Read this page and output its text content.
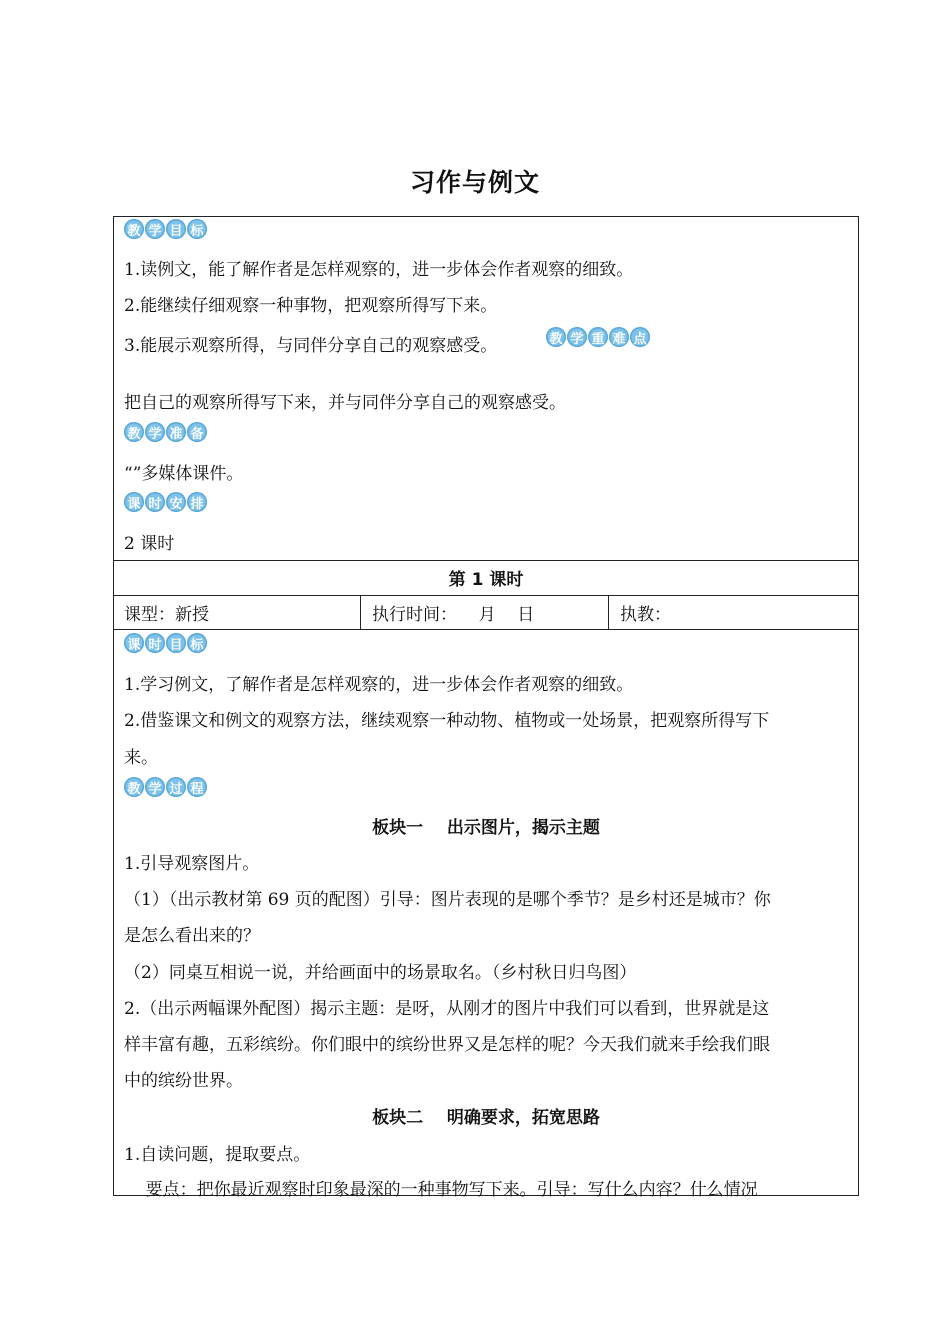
习作与例文
教 学 目 标
1.读例文，能了解作者是怎样观察的，进一步体会作者观察的细致。
2.能继续仔细观察一种事物，把观察所得写下来。
3.能展示观察所得，与同伴分享自己的观察感受。	教 学 重 难 点
把自己的观察所得写下来，并与同伴分享自己的观察感受。
教 学 准 备
“”多媒体课件。
课 时 安 排
2 课时
第 1 课时
课型：新授	执行时间：    月    日	执教：
课 时 目 标
1.学习例文，了解作者是怎样观察的，进一步体会作者观察的细致。
2.借鉴课文和例文的观察方法，继续观察一种动物、植物或一处场景，把观察所得写下
来。
教 学 过 程
板块一    出示图片，揭示主题
1.引导观察图片。
（1）（出示教材第 69 页的配图）引导：图片表现的是哪个季节？是乡村还是城市？你
是怎么看出来的？
（2）同桌互相说一说，并给画面中的场景取名。（乡村秋日归鸟图）
2.（出示两幅课外配图）揭示主题：是呀，从刚才的图片中我们可以看到，世界就是这
样丰富有趣，五彩缤纷。你们眼中的缤纷世界又是怎样的呢？今天我们就来手绘我们眼
中的缤纷世界。
板块二    明确要求，拓宽思路
1.自读问题，提取要点。
要点：把你最近观察时印象最深的一种事物写下来。引导：写什么内容？什么情况
